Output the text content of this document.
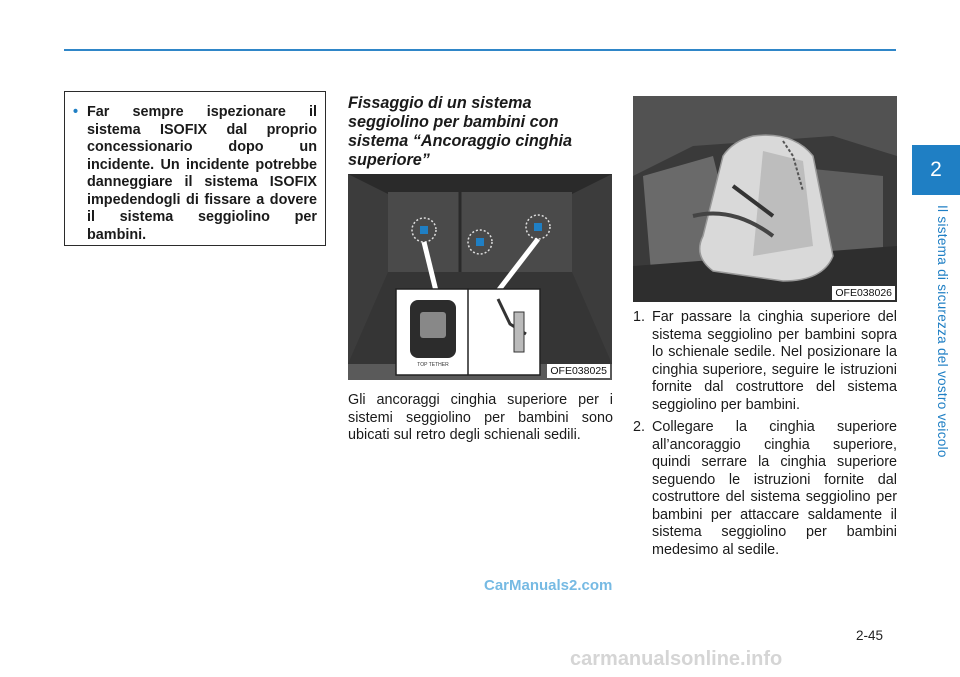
2
Il sistema di sicurezza del vostro veicolo

• Far sempre ispezionare il sistema ISOFIX dal proprio concessionario dopo un incidente. Un incidente potrebbe danneggiare il sistema ISOFIX impedendogli di fissare a dovere il sistema seggiolino per bambini.

Fissaggio di un sistema seggiolino per bambini con sistema “Ancoraggio cinghia superiore”
TOP TETHER	OFE038025
OFE038026

Gli ancoraggi cinghia superiore per i sistemi seggiolino per bambini sono ubicati sul retro degli schienali sedili.

1. Far passare la cinghia superiore del sistema seggiolino per bambini sopra lo schienale sedile. Nel posizionare la cinghia superiore, seguire le istruzioni fornite dal costruttore del sistema seggiolino per bambini.
2. Collegare la cinghia superiore all’ancoraggio cinghia superiore, quindi serrare la cinghia superiore seguendo le istruzioni fornite dal costruttore del sistema seggiolino per bambini per attaccare saldamente il sistema seggiolino per bambini medesimo al sedile.
2-45
CarManuals2.com
carmanualsonline.info
